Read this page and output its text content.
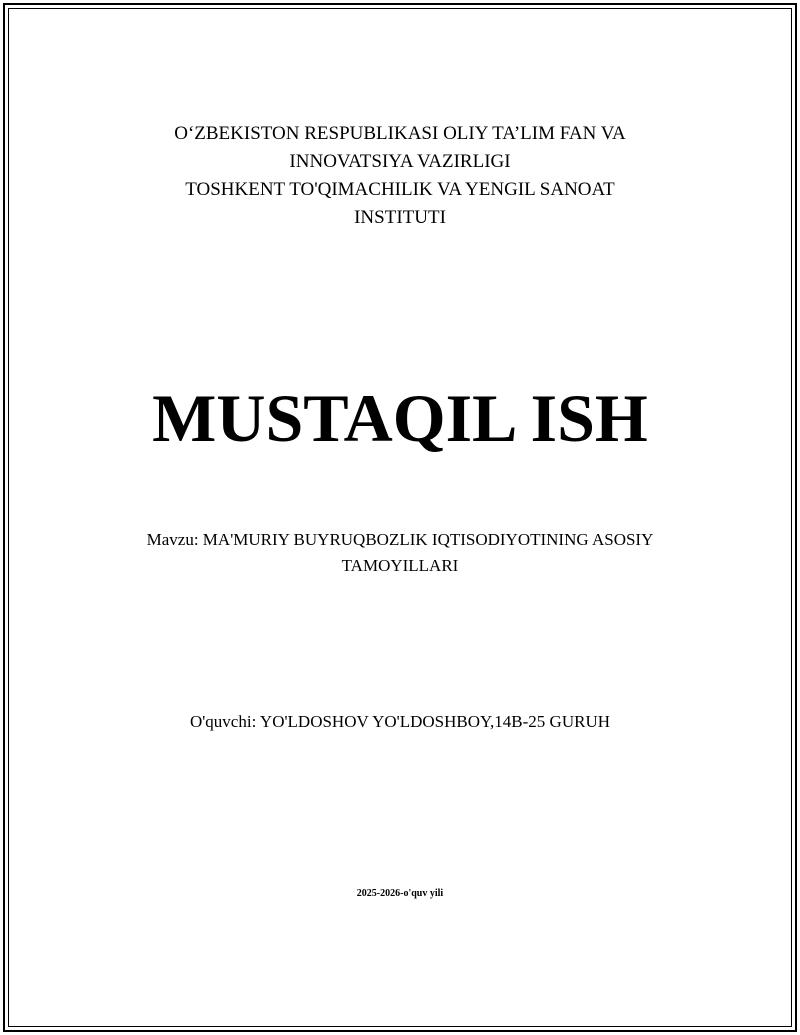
O‘ZBEKISTON RESPUBLIKASI OLIY TA’LIM FAN VA
INNOVATSIYA VAZIRLIGI
TOSHKENT TO'QIMACHILIK VA YENGIL SANOAT
INSTITUTI
MUSTAQIL ISH
Mavzu: MA'MURIY BUYRUQBOZLIK IQTISODIYOTINING ASOSIY
TAMOYILLARI
O'quvchi: YO'LDOSHOV YO'LDOSHBOY,14B-25 GURUH
2025-2026-o'quv yili
